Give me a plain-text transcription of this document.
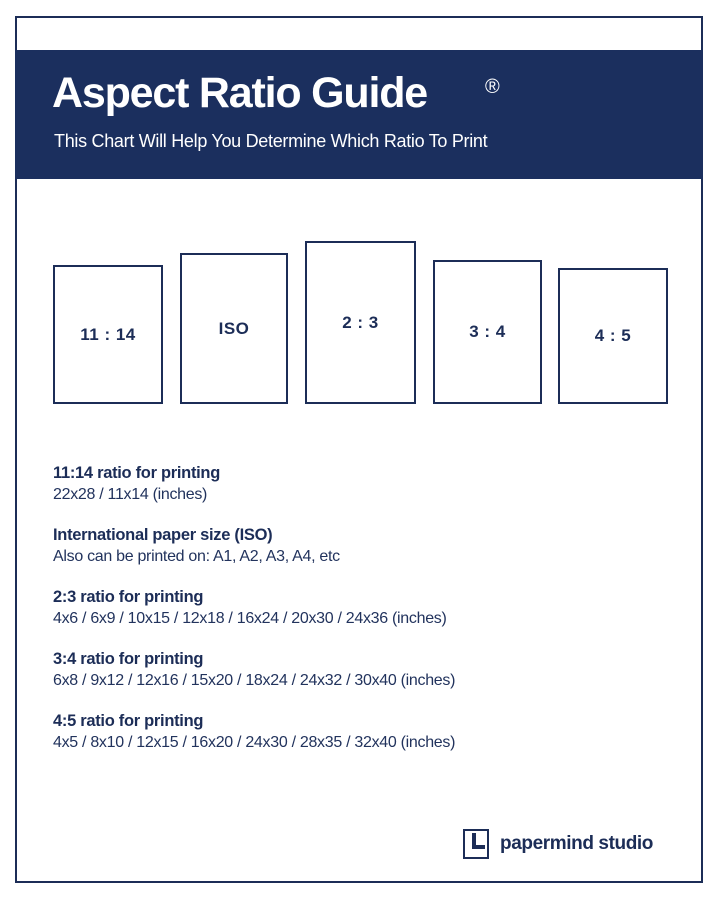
Aspect Ratio Guide	®
This Chart Will Help You Determine Which Ratio To Print
11 : 14	ISO	2 : 3	3 : 4	4 : 5
11:14 ratio for printing
22x28 / 11x14 (inches)
International paper size (ISO)
Also can be printed on: A1, A2, A3, A4, etc
2:3 ratio for printing
4x6 / 6x9 / 10x15 / 12x18 / 16x24 / 20x30 / 24x36 (inches)
3:4 ratio for printing
6x8 / 9x12 / 12x16 / 15x20 / 18x24 / 24x32 / 30x40 (inches)
4:5 ratio for printing
4x5 / 8x10 / 12x15 / 16x20 / 24x30 / 28x35 / 32x40 (inches)
papermind studio
